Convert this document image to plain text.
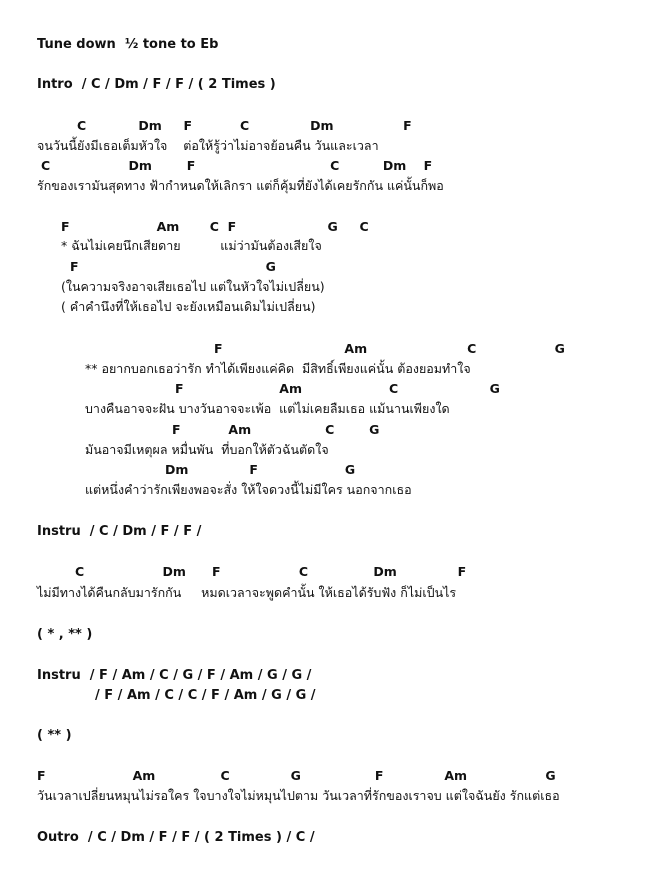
Tune down  ½ tone to Eb
Intro  / C / Dm / F / F / ( 2 Times )
C            Dm     F           C              Dm                F
จนวันนี้ยังมีเธอเต็มหัวใจ    ต่อให้รู้ว่าไม่อาจย้อนคืน วันและเวลา
C                  Dm        F                               C          Dm    F
รักของเรามันสุดทาง ฟ้ากำหนดให้เลิกรา แต่ก็คุ้มที่ยังได้เคยรักกัน แค่นั้นก็พอ
F                    Am       C  F                     G     C
* ฉันไม่เคยนึกเสียดาย          แม่ว่ามันต้องเสียใจ
F                                           G
(ในความจริงอาจเสียเธอไป แต่ในหัวใจไม่เปลี่ยน)
( คำคำนึงที่ให้เธอไป จะยังเหมือนเดิมไม่เปลี่ยน)
F                            Am                       C                  G
** อยากบอกเธอว่ารัก ทำได้เพียงแค่คิด  มีสิทธิ์เพียงแค่นั้น ต้องยอมทำใจ
F                      Am                    C                     G
บางคืนอาจจะฝัน บางวันอาจจะเพ้อ  แต่ไม่เคยลืมเธอ แม้นานเพียงใด
F           Am                 C        G
มันอาจมีเหตุผล หมื่นพัน  ที่บอกให้ตัวฉันตัดใจ
Dm              F                    G
แต่หนึ่งคำว่ารักเพียงพอจะสั่ง ให้ใจดวงนี้ไม่มีใคร นอกจากเธอ
Instru  / C / Dm / F / F /
C                  Dm      F                  C               Dm              F
ไม่มีทางได้คืนกลับมารักกัน     หมดเวลาจะพูดคำนั้น ให้เธอได้รับฟัง ก็ไม่เป็นไร
( * , ** )
Instru  / F / Am / C / G / F / Am / G / G /
/ F / Am / C / C / F / Am / G / G /
( ** )
F                    Am               C              G                 F              Am                  G
วันเวลาเปลี่ยนหมุนไม่รอใคร ใจบางใจไม่หมุนไปตาม วันเวลาที่รักของเราจบ แต่ใจฉันยัง รักแต่เธอ
Outro  / C / Dm / F / F / ( 2 Times ) / C /
